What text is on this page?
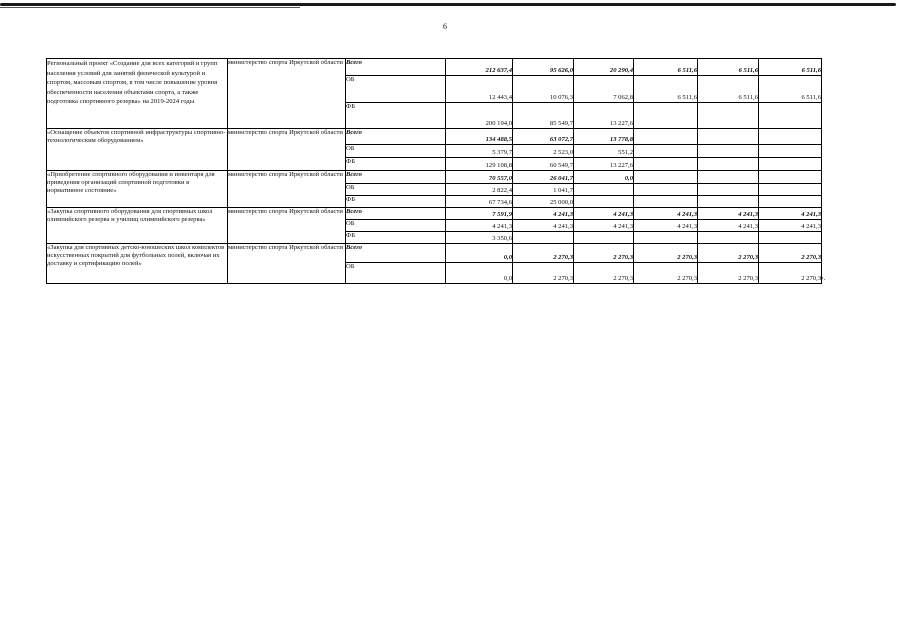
6
Региональный проект «Создание для всех категорий и групп населения условий для занятий физической культурой и спортом, массовым спортом, в том числе повышение уровня обеспеченности населения объектами спорта, а также подготовка спортивного резерва» на 2019-2024 годы	министерство спорта Иркутской области	Всего	212 637,4	95 626,0	20 290,4	6 511,6	6 511,6	6 511,6
		ОБ	12 443,4	10 076,3	7 062,8	6 511,6	6 511,6	6 511,6
		ФБ	200 194,0	85 549,7	13 227,6			
«Оснащение объектов спортивной инфраструктуры спортивно-технологическим оборудованием»	министерство спорта Иркутской области	Всего	134 488,5	63 072,7	13 778,8			
		ОБ	5 379,7	2 523,0	551,2			
		ФБ	129 108,8	60 549,7	13 227,6			
«Приобретение спортивного оборудования и инвентаря для приведения организаций спортивной подготовки в нормативное состояние»	министерство спорта Иркутской области	Всего	70 557,0	26 041,7	0,0			
		ОБ	2 822,4	1 041,7				
		ФБ	67 734,6	25 000,0				
«Закупка спортивного оборудования для спортивных школ олимпийского резерва и училищ олимпийского резерва»	министерство спорта Иркутской области	Всего	7 591,9	4 241,3	4 241,3	4 241,3	4 241,3	4 241,3
		ОБ	4 241,3	4 241,3	4 241,3	4 241,3	4 241,3	4 241,3
		ФБ	3 350,6					
«Закупка для спортивных детско-юношеских школ комплектов искусственных покрытий для футбольных полей, включая их доставку и сертификацию полей»	министерство спорта Иркутской области	Всего	0,0	2 270,3	2 270,3	2 270,3	2 270,3	2 270,3
		ОБ	0,0	2 270,3	2 270,3	2 270,3	2 270,3	2 270,3 ».
